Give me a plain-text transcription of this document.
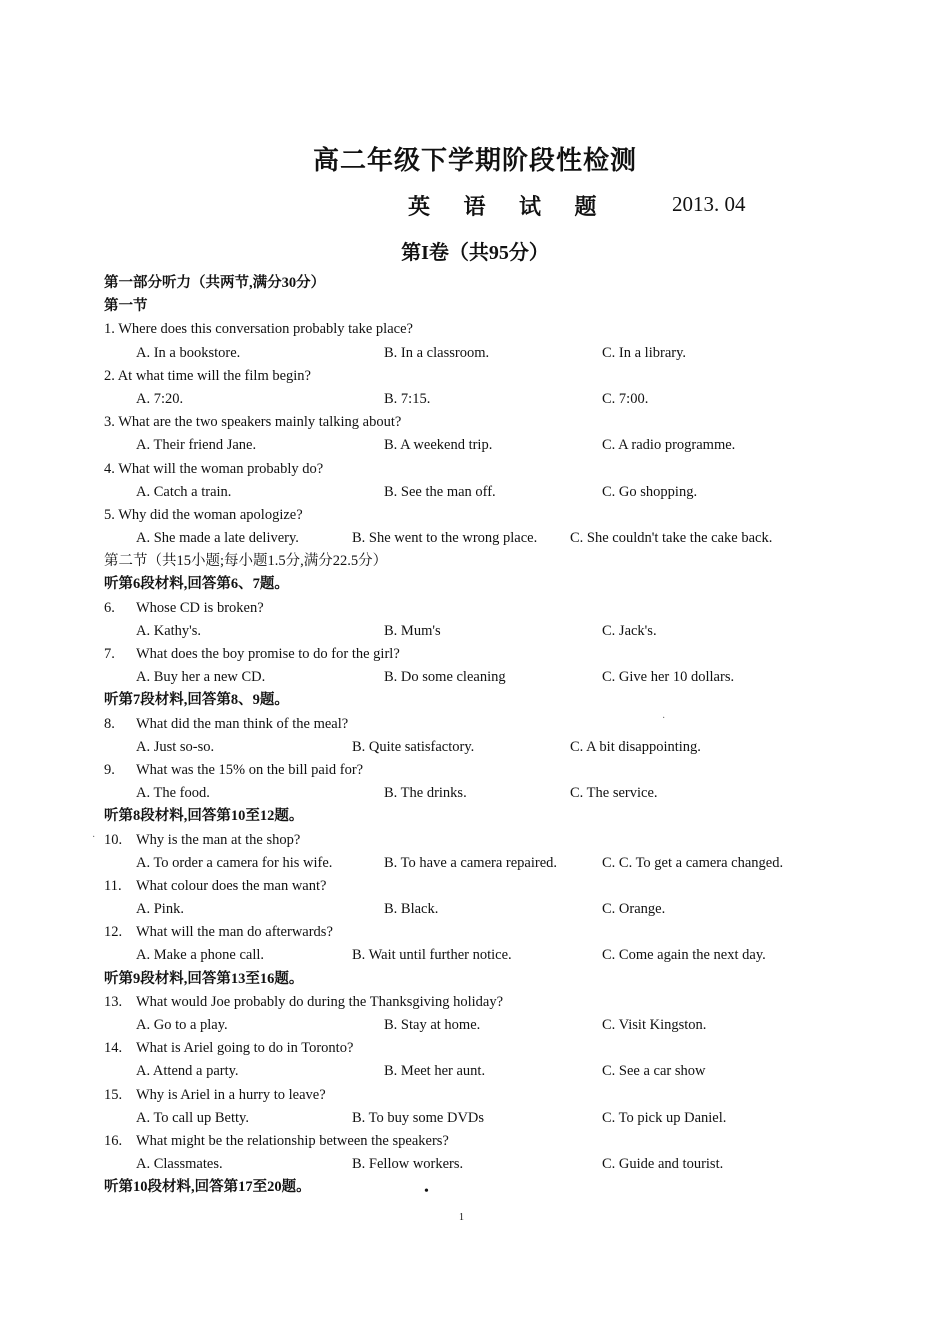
高二年级下学期阶段性检测
英 语 试 题	2013. 04
第I卷（共95分）
第一部分听力（共两节,满分30分）
第一节
1. Where does this conversation probably take place?
A. In a bookstore.	B. In a classroom.	C. In a library.
2. At what time will the film begin?
A. 7:20.	B. 7:15.	C. 7:00.
3. What are the two speakers mainly talking about?
A. Their friend Jane.	B. A weekend trip.	C. A radio programme.
4. What will the woman probably do?
A. Catch a train.	B. See the man off.	C. Go shopping.
5. Why did the woman apologize?
A. She made a late delivery.	B. She went to the wrong place. C. She couldn't take the cake back.
第二节（共15小题;每小题1.5分,满分22.5分）
听第6段材料,回答第6、7题。
6. Whose CD is broken?
A. Kathy's.	B. Mum's	C. Jack's.
7. What does the boy promise to do for the girl?
A. Buy her a new CD.	B. Do some cleaning	C. Give her 10 dollars.
听第7段材料,回答第8、9题。
8. What did the man think of the meal?
A. Just so-so.	B. Quite satisfactory.	C. A bit disappointing.
9. What was the 15% on the bill paid for?
A. The food.	B. The drinks.	C. The service.
听第8段材料,回答第10至12题。
10. Why is the man at the shop?
A. To order a camera for his wife.	B. To have a camera repaired.	C. C. To get a camera changed.
11. What colour does the man want?
A. Pink.	B. Black.	C. Orange.
12. What will the man do afterwards?
A. Make a phone call.	B. Wait until further notice.	C. Come again the next day.
听第9段材料,回答第13至16题。
13. What would Joe probably do during the Thanksgiving holiday?
A. Go to a play.	B. Stay at home.	C. Visit Kingston.
14. What is Ariel going to do in Toronto?
A. Attend a party.	B. Meet her aunt.	C. See a car show
15. Why is Ariel in a hurry to leave?
A. To call up Betty.	B. To buy some DVDs	C. To pick up Daniel.
16. What might be the relationship between the speakers?
A. Classmates.	B. Fellow workers.	C. Guide and tourist.
听第10段材料,回答第17至20题。	•
·
·
1
